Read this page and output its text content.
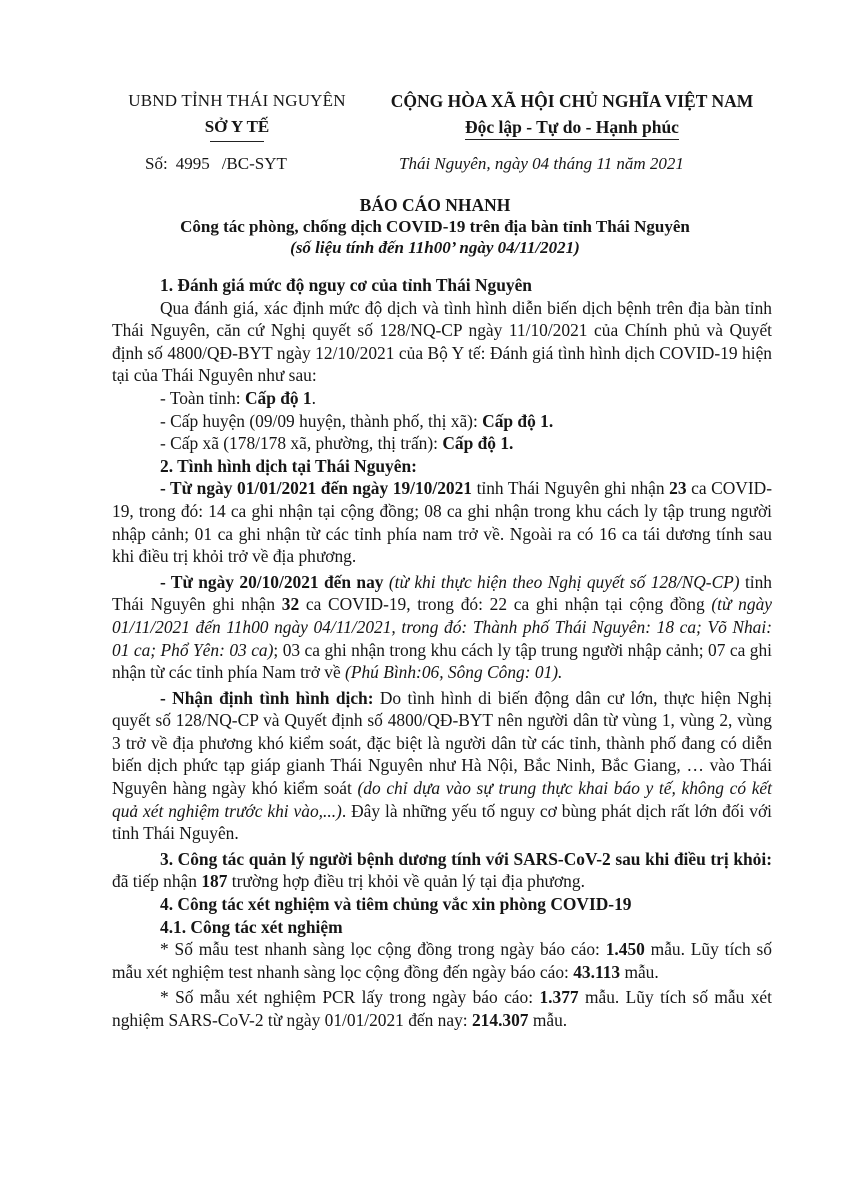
UBND TỈNH THÁI NGUYÊN
SỞ Y TẾ
CỘNG HÒA XÃ HỘI CHỦ NGHĨA VIỆT NAM
Độc lập - Tự do - Hạnh phúc
Số: 4995 /BC-SYT	Thái Nguyên, ngày 04 tháng 11 năm 2021
BÁO CÁO NHANH
Công tác phòng, chống dịch COVID-19 trên địa bàn tỉnh Thái Nguyên
(số liệu tính đến 11h00’ ngày 04/11/2021)

1. Đánh giá mức độ nguy cơ của tỉnh Thái Nguyên

Qua đánh giá, xác định mức độ dịch và tình hình diễn biến dịch bệnh trên địa bàn tỉnh Thái Nguyên, căn cứ Nghị quyết số 128/NQ-CP ngày 11/10/2021 của Chính phủ và Quyết định số 4800/QĐ-BYT ngày 12/10/2021 của Bộ Y tế: Đánh giá tình hình dịch COVID-19 hiện tại của Thái Nguyên như sau:

- Toàn tỉnh: Cấp độ 1.

- Cấp huyện (09/09 huyện, thành phố, thị xã): Cấp độ 1.

- Cấp xã (178/178 xã, phường, thị trấn): Cấp độ 1.

2. Tình hình dịch tại Thái Nguyên:

- Từ ngày 01/01/2021 đến ngày 19/10/2021 tỉnh Thái Nguyên ghi nhận 23 ca COVID-19, trong đó: 14 ca ghi nhận tại cộng đồng; 08 ca ghi nhận trong khu cách ly tập trung người nhập cảnh; 01 ca ghi nhận từ các tỉnh phía nam trở về. Ngoài ra có 16 ca tái dương tính sau khi điều trị khỏi trở về địa phương.

- Từ ngày 20/10/2021 đến nay (từ khi thực hiện theo Nghị quyết số 128/NQ-CP) tỉnh Thái Nguyên ghi nhận 32 ca COVID-19, trong đó: 22 ca ghi nhận tại cộng đồng (từ ngày 01/11/2021 đến 11h00 ngày 04/11/2021, trong đó: Thành phố Thái Nguyên: 18 ca; Võ Nhai: 01 ca; Phổ Yên: 03 ca); 03 ca ghi nhận trong khu cách ly tập trung người nhập cảnh; 07 ca ghi nhận từ các tỉnh phía Nam trở về (Phú Bình:06, Sông Công: 01).

- Nhận định tình hình dịch: Do tình hình di biến động dân cư lớn, thực hiện Nghị quyết số 128/NQ-CP và Quyết định số 4800/QĐ-BYT nên người dân từ vùng 1, vùng 2, vùng 3 trở về địa phương khó kiểm soát, đặc biệt là người dân từ các tỉnh, thành phố đang có diễn biến dịch phức tạp giáp gianh Thái Nguyên như Hà Nội, Bắc Ninh, Bắc Giang, … vào Thái Nguyên hàng ngày khó kiểm soát (do chỉ dựa vào sự trung thực khai báo y tế, không có kết quả xét nghiệm trước khi vào,...). Đây là những yếu tố nguy cơ bùng phát dịch rất lớn đối với tỉnh Thái Nguyên.

3. Công tác quản lý người bệnh dương tính với SARS-CoV-2 sau khi điều trị khỏi: đã tiếp nhận 187 trường hợp điều trị khỏi về quản lý tại địa phương.

4. Công tác xét nghiệm và tiêm chủng vắc xin phòng COVID-19

4.1. Công tác xét nghiệm

* Số mẫu test nhanh sàng lọc cộng đồng trong ngày báo cáo: 1.450 mẫu. Lũy tích số mẫu xét nghiệm test nhanh sàng lọc cộng đồng đến ngày báo cáo: 43.113 mẫu.

* Số mẫu xét nghiệm PCR lấy trong ngày báo cáo: 1.377 mẫu. Lũy tích số mẫu xét nghiệm SARS-CoV-2 từ ngày 01/01/2021 đến nay: 214.307 mẫu.
